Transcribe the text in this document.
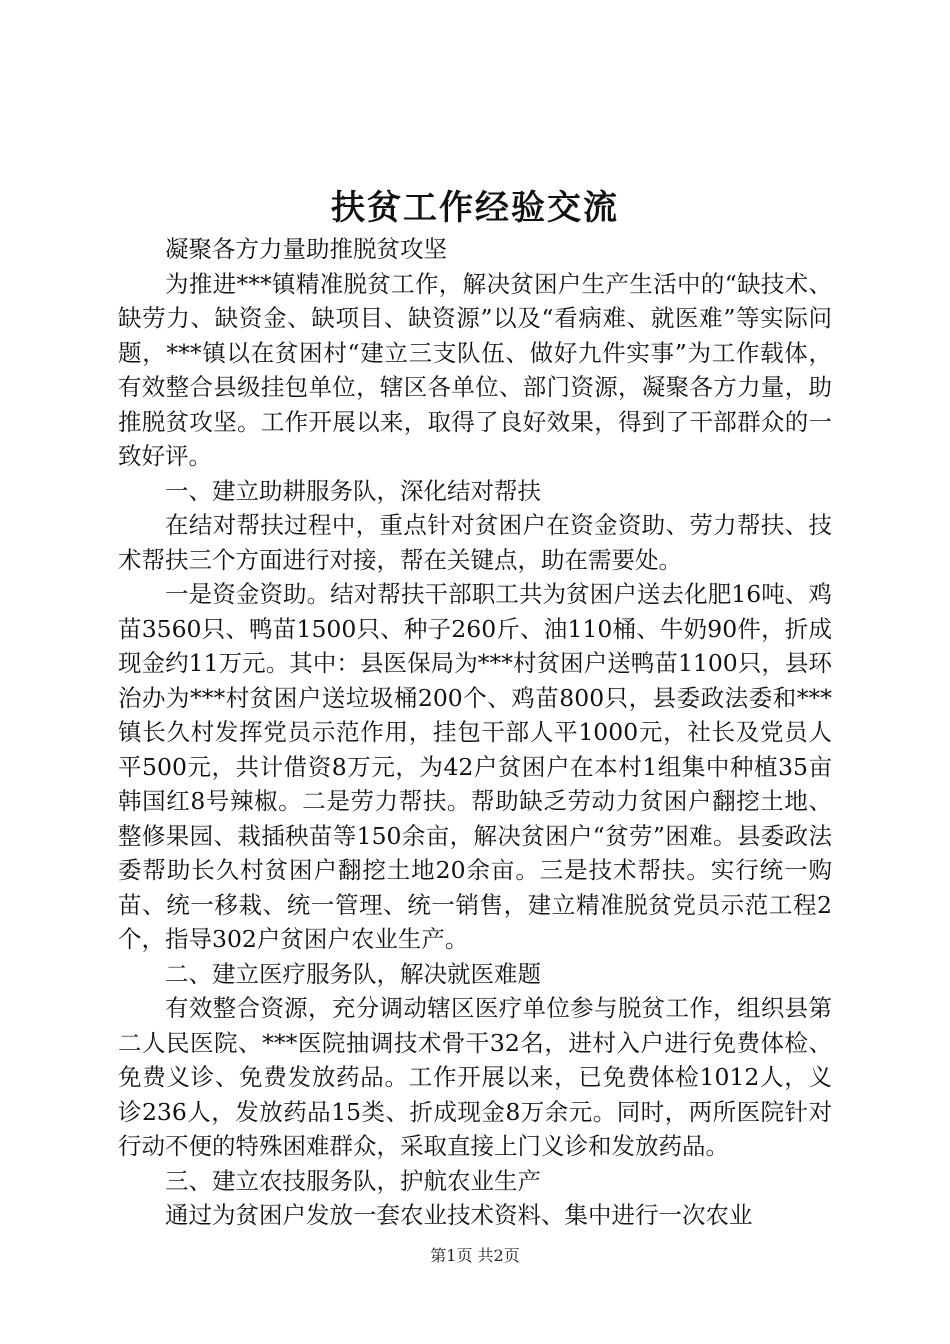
扶贫工作经验交流

凝聚各方力量助推脱贫攻坚

为推进***镇精准脱贫工作，解决贫困户生产生活中的“缺技术、缺劳力、缺资金、缺项目、缺资源”以及“看病难、就医难”等实际问题，***镇以在贫困村“建立三支队伍、做好九件实事”为工作载体，有效整合县级挂包单位，辖区各单位、部门资源，凝聚各方力量，助推脱贫攻坚。工作开展以来，取得了良好效果，得到了干部群众的一致好评。

一、建立助耕服务队，深化结对帮扶

在结对帮扶过程中，重点针对贫困户在资金资助、劳力帮扶、技术帮扶三个方面进行对接，帮在关键点，助在需要处。

一是资金资助。结对帮扶干部职工共为贫困户送去化肥16吨、鸡苗3560只、鸭苗1500只、种子260斤、油110桶、牛奶90件，折成现金约11万元。其中：县医保局为***村贫困户送鸭苗1100只，县环治办为***村贫困户送垃圾桶200个、鸡苗800只，县委政法委和***镇长久村发挥党员示范作用，挂包干部人平1000元，社长及党员人平500元，共计借资8万元，为42户贫困户在本村1组集中种植35亩韩国红8号辣椒。二是劳力帮扶。帮助缺乏劳动力贫困户翻挖土地、整修果园、栽插秧苗等150余亩，解决贫困户“贫劳”困难。县委政法委帮助长久村贫困户翻挖土地20余亩。三是技术帮扶。实行统一购苗、统一移栽、统一管理、统一销售，建立精准脱贫党员示范工程2个，指导302户贫困户农业生产。

二、建立医疗服务队，解决就医难题

有效整合资源，充分调动辖区医疗单位参与脱贫工作，组织县第二人民医院、***医院抽调技术骨干32名，进村入户进行免费体检、免费义诊、免费发放药品。工作开展以来，已免费体检1012人，义诊236人，发放药品15类、折成现金8万余元。同时，两所医院针对行动不便的特殊困难群众，采取直接上门义诊和发放药品。

三、建立农技服务队，护航农业生产

通过为贫困户发放一套农业技术资料、集中进行一次农业

第1页 共2页
